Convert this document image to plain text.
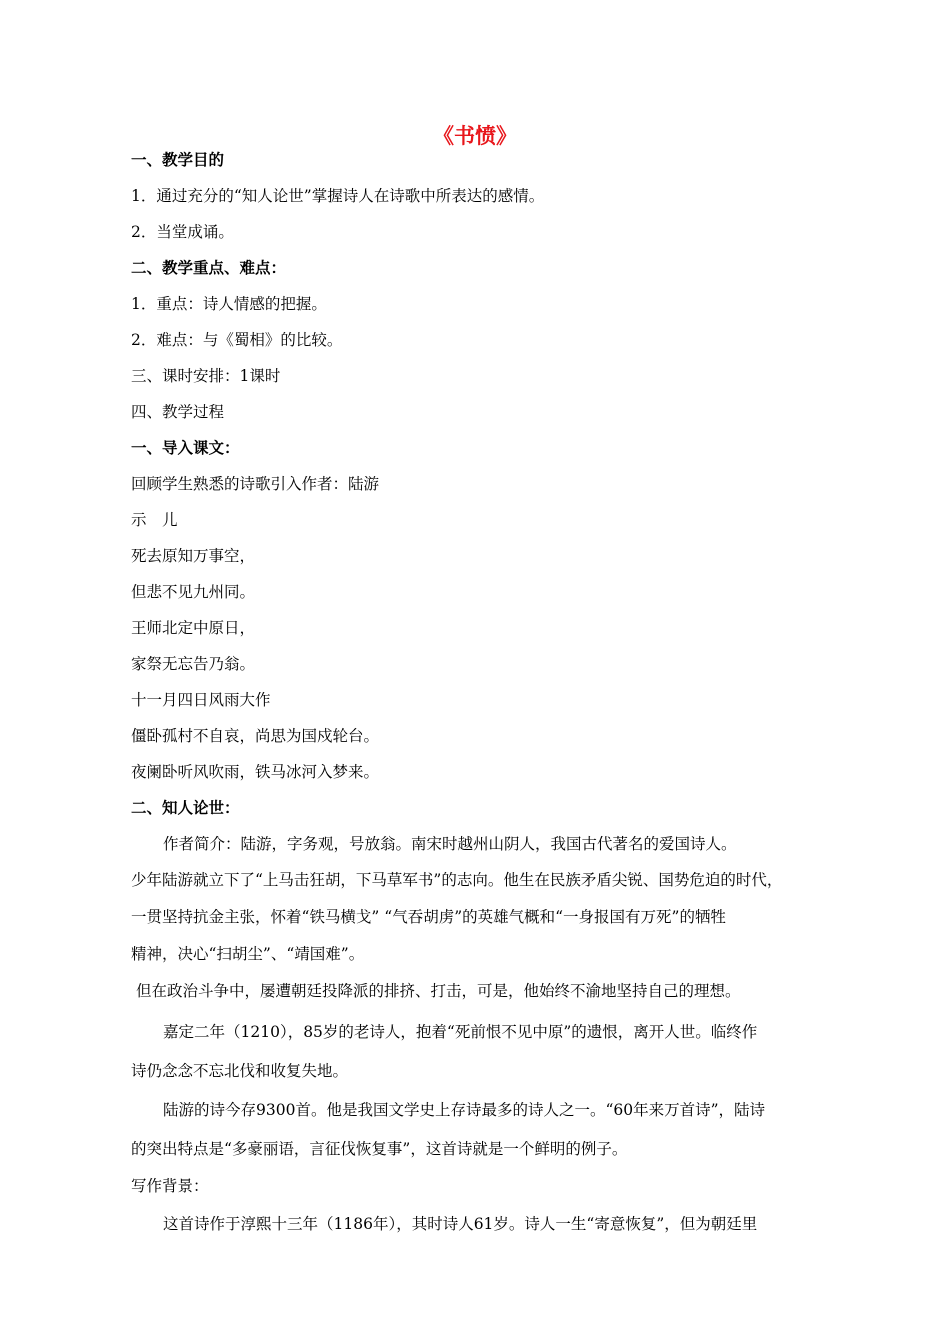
《书愤》
一、教学目的
1．通过充分的“知人论世”掌握诗人在诗歌中所表达的感情。
2．当堂成诵。
二、教学重点、难点：
1．重点：诗人情感的把握。
2．难点：与《蜀相》的比较。
三、课时安排：1课时
四、教学过程
一、导入课文：
回顾学生熟悉的诗歌引入作者：陆游
示　儿
死去原知万事空，
但悲不见九州同。
王师北定中原日，
家祭无忘告乃翁。
十一月四日风雨大作
僵卧孤村不自哀，尚思为国戍轮台。
夜阑卧听风吹雨，铁马冰河入梦来。
二、知人论世：
作者简介：陆游，字务观，号放翁。南宋时越州山阴人，我国古代著名的爱国诗人。
少年陆游就立下了“上马击狂胡，下马草军书”的志向。他生在民族矛盾尖锐、国势危迫的时代，
一贯坚持抗金主张，怀着“铁马横戈” “气吞胡虏”的英雄气概和“一身报国有万死”的牺牲
精神，决心“扫胡尘”、“靖国难”。
但在政治斗争中，屡遭朝廷投降派的排挤、打击，可是，他始终不渝地坚持自己的理想。
嘉定二年（1210），85岁的老诗人，抱着“死前恨不见中原”的遗恨，离开人世。临终作
诗仍念念不忘北伐和收复失地。
陆游的诗今存9300首。他是我国文学史上存诗最多的诗人之一。“60年来万首诗”，陆诗
的突出特点是“多豪丽语，言征伐恢复事”，这首诗就是一个鲜明的例子。
写作背景：
这首诗作于淳熙十三年（1186年），其时诗人61岁。诗人一生“寄意恢复”，但为朝廷里
